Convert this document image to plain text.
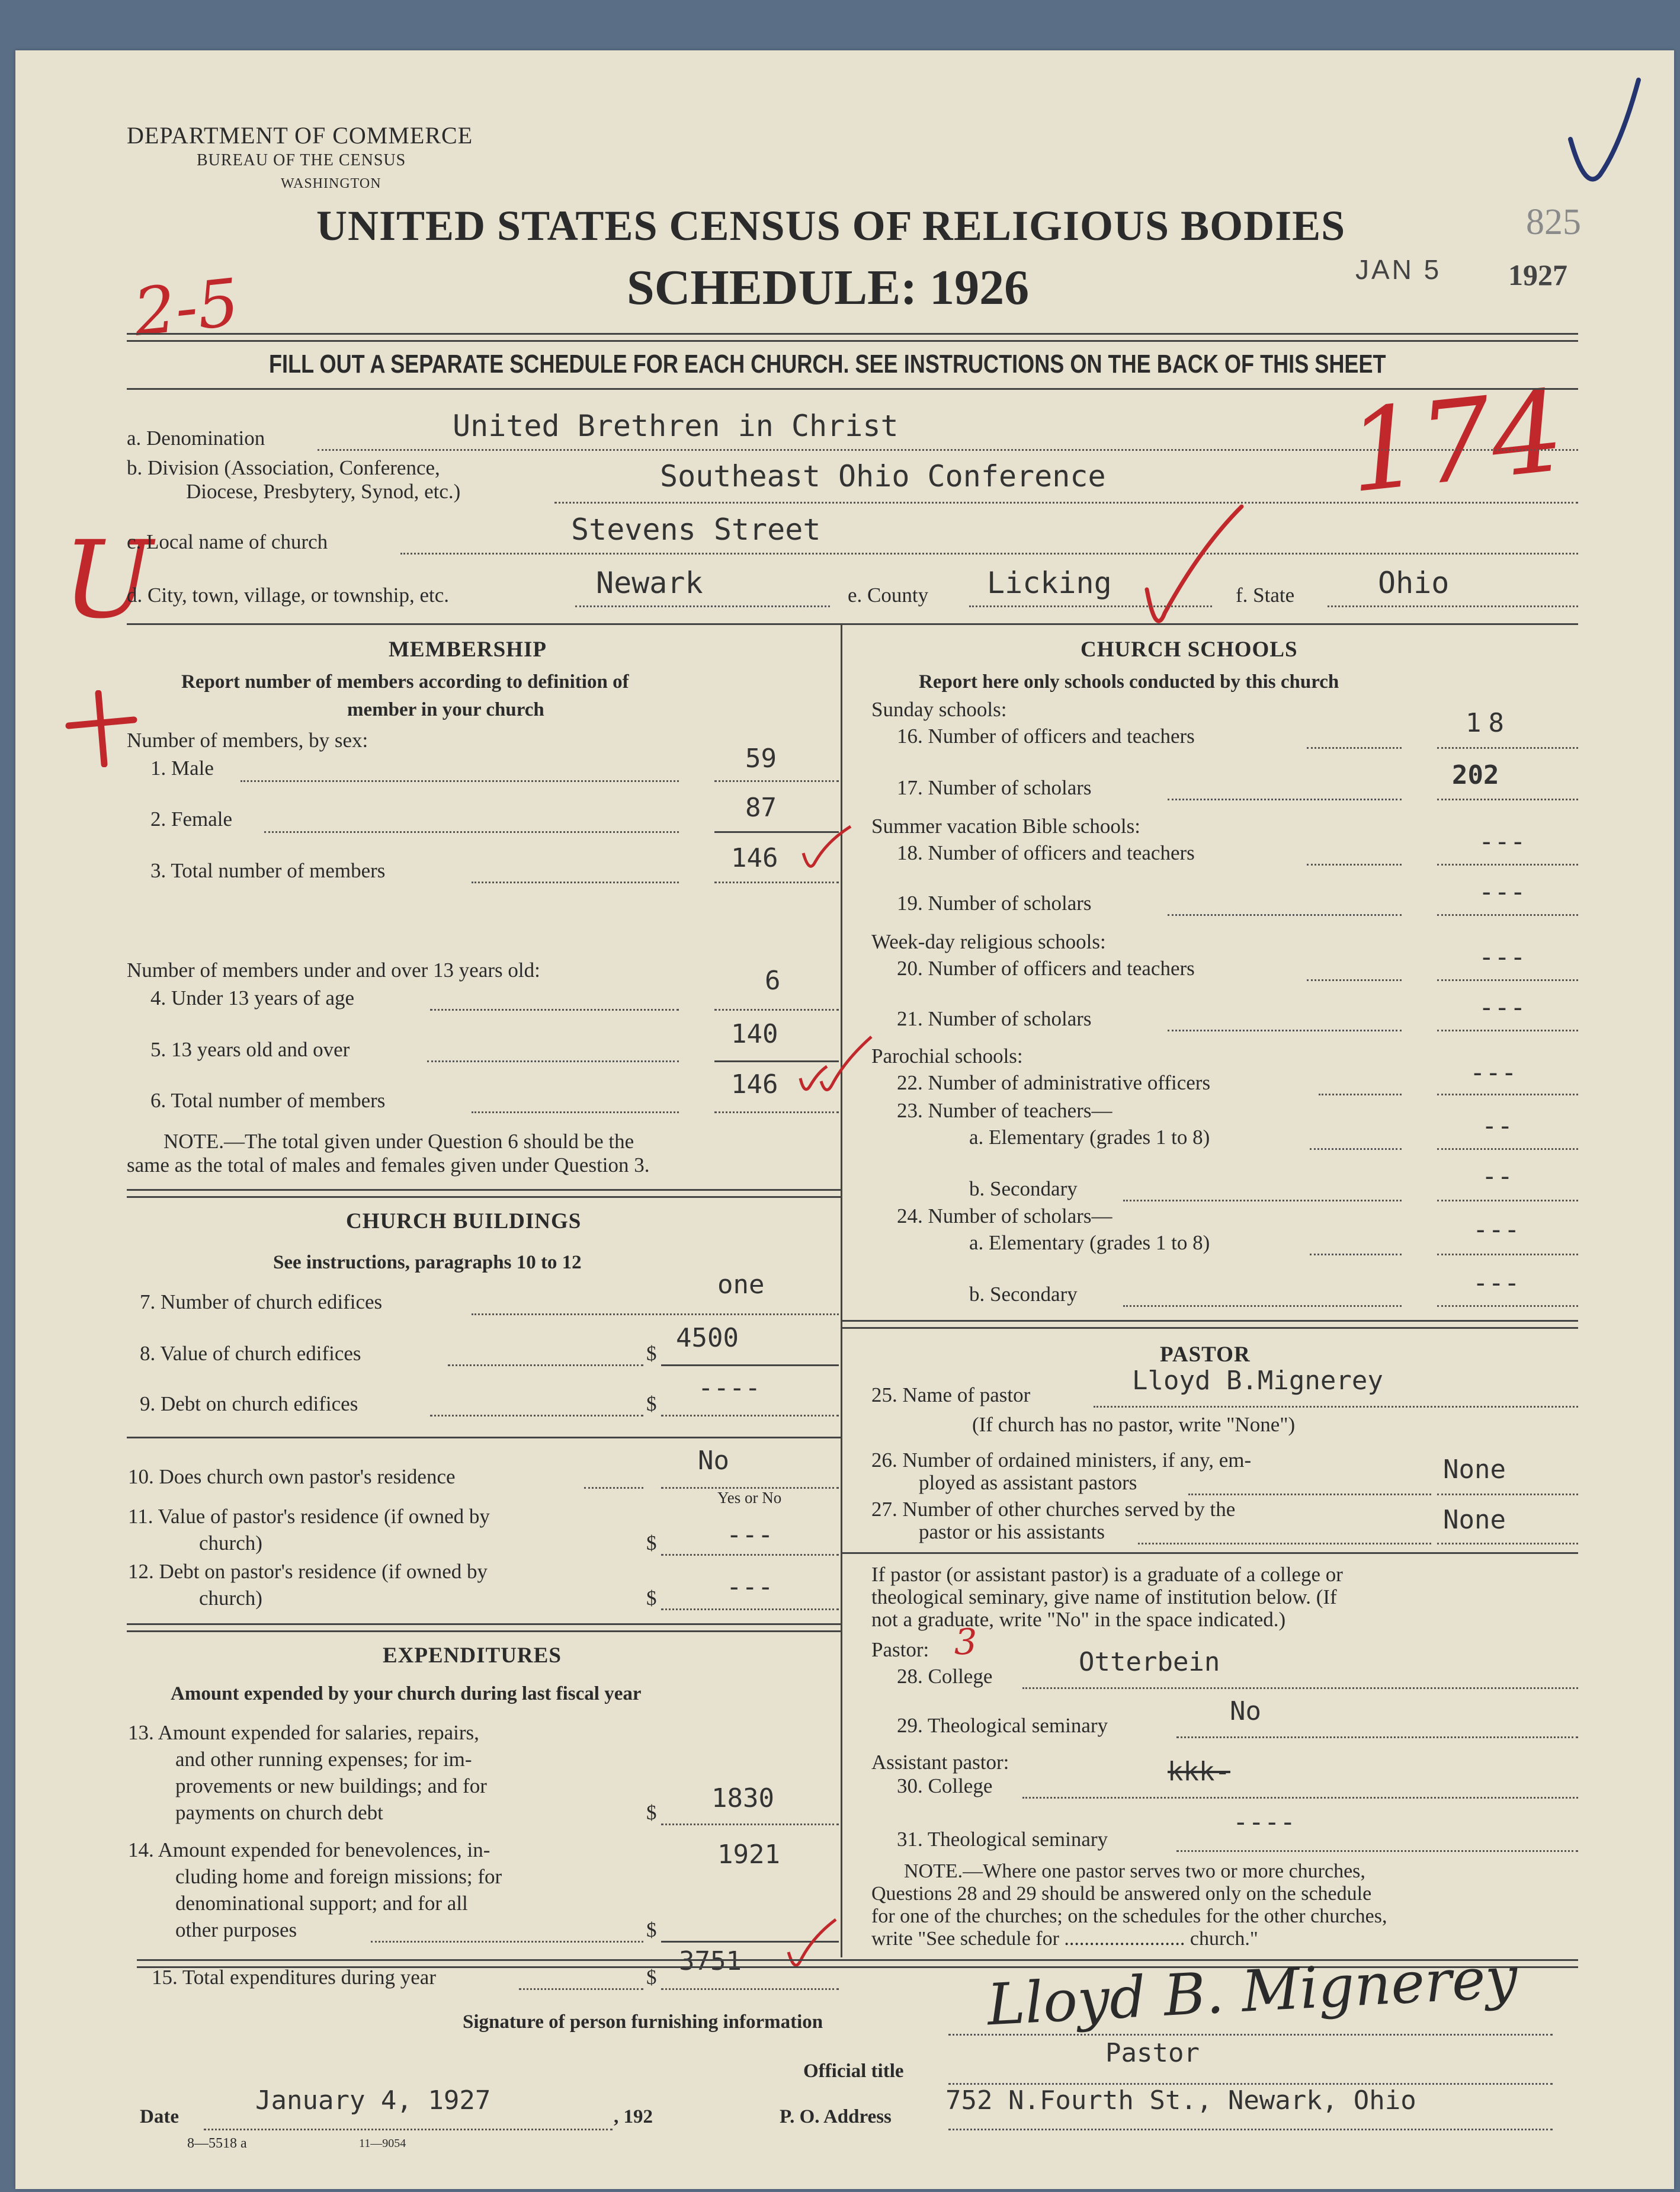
DEPARTMENT OF COMMERCE
BUREAU OF THE CENSUS
WASHINGTON
UNITED STATES CENSUS OF RELIGIOUS BODIES
SCHEDULE: 1926	JAN 5 1927
825
2-5
174
U
FILL OUT A SEPARATE SCHEDULE FOR EACH CHURCH. SEE INSTRUCTIONS ON THE BACK OF THIS SHEET
a. Denomination	United Brethren in Christ
b. Division (Association, Conference,
Diocese, Presbytery, Synod, etc.)	Southeast Ohio Conference
c. Local name of church	Stevens Street
d. City, town, village, or township, etc.	Newark	e. County Licking	f. State	Ohio
MEMBERSHIP
Report number of members according to definition of
member in your church
Number of members, by sex:
1. Male	59
2. Female	87
3. Total number of members	146
Number of members under and over 13 years old:
4. Under 13 years of age
6
5. 13 years old and over
140
6. Total number of members
146
NOTE.—The total given under Question 6 should be the
same as the total of males and females given under Question 3.
CHURCH BUILDINGS
See instructions, paragraphs 10 to 12
7. Number of church edifices
one
8. Value of church edifices	$
4500
9. Debt on church edifices	$
----
10. Does church own pastor's residence
No
Yes or No
11. Value of pastor's residence (if owned by
church)	$	---
12. Debt on pastor's residence (if owned by
church)	$	---
EXPENDITURES
Amount expended by your church during last fiscal year
13. Amount expended for salaries, repairs,
and other running expenses; for im-
provements or new buildings; and for
payments on church debt	$ 1830
14. Amount expended for benevolences, in-
cluding home and foreign missions; for
denominational support; and for all
other purposes	$
1921
15. Total expenditures during year	$
3751
CHURCH SCHOOLS
Report here only schools conducted by this church
Sunday schools:
16. Number of officers and teachers	18
17. Number of scholars	202
Summer vacation Bible schools:
18. Number of officers and teachers	---
19. Number of scholars	---
Week-day religious schools:
20. Number of officers and teachers	---
21. Number of scholars	---
Parochial schools:
22. Number of administrative officers	---
23. Number of teachers—
a. Elementary (grades 1 to 8)	--
b. Secondary	--
24. Number of scholars—
a. Elementary (grades 1 to 8)	---
b. Secondary	---
PASTOR
25. Name of pastor	Lloyd B.Mignerey
(If church has no pastor, write "None")
26. Number of ordained ministers, if any, em-
ployed as assistant pastors	None
27. Number of other churches served by the
pastor or his assistants	None
If pastor (or assistant pastor) is a graduate of a college or
theological seminary, give name of institution below. (If
not a graduate, write "No" in the space indicated.)
Pastor: 3
28. College	Otterbein
29. Theological seminary	No
Assistant pastor:
30. College	kkk-
31. Theological seminary
----
NOTE.—Where one pastor serves two or more churches,
Questions 28 and 29 should be answered only on the schedule
for one of the churches; on the schedules for the other churches,
write "See schedule for ........................ church."
Signature of person furnishing information	Lloyd B. Mignerey
Official title
Pastor
Date
January 4, 1927
, 192	P. O. Address
752 N.Fourth St., Newark, Ohio
8—5518 a	11—9054
